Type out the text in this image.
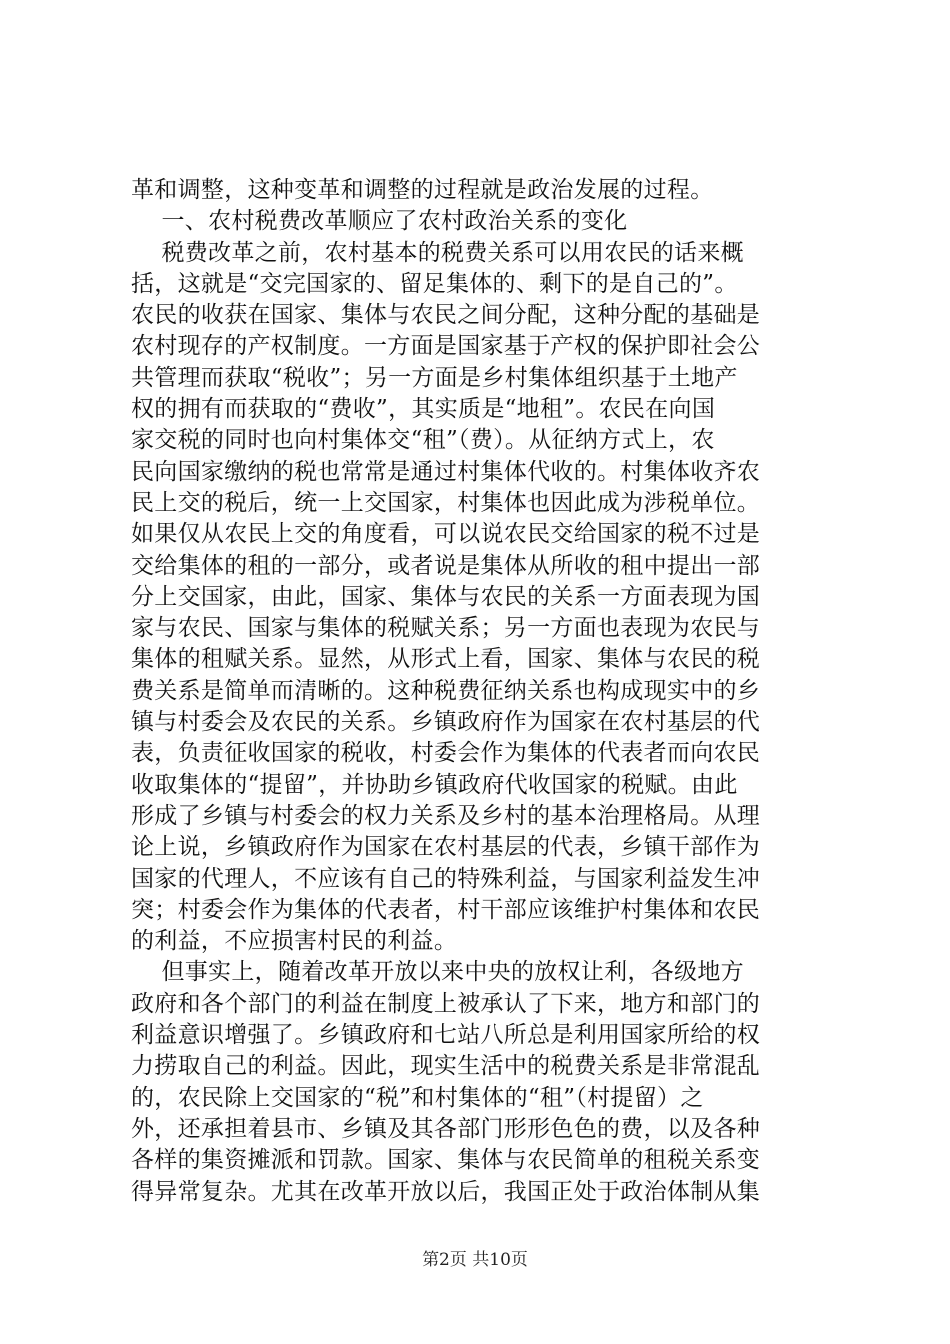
革和调整，这种变革和调整的过程就是政治发展的过程。
一、农村税费改革顺应了农村政治关系的变化
税费改革之前，农村基本的税费关系可以用农民的话来概
括，这就是“交完国家的、留足集体的、剩下的是自己的”。
农民的收获在国家、集体与农民之间分配，这种分配的基础是
农村现存的产权制度。一方面是国家基于产权的保护即社会公
共管理而获取“税收”；另一方面是乡村集体组织基于土地产
权的拥有而获取的“费收”，其实质是“地租”。农民在向国
家交税的同时也向村集体交“租”（费）。从征纳方式上，农
民向国家缴纳的税也常常是通过村集体代收的。村集体收齐农
民上交的税后，统一上交国家，村集体也因此成为涉税单位。
如果仅从农民上交的角度看，可以说农民交给国家的税不过是
交给集体的租的一部分，或者说是集体从所收的租中提出一部
分上交国家，由此，国家、集体与农民的关系一方面表现为国
家与农民、国家与集体的税赋关系；另一方面也表现为农民与
集体的租赋关系。显然，从形式上看，国家、集体与农民的税
费关系是简单而清晰的。这种税费征纳关系也构成现实中的乡
镇与村委会及农民的关系。乡镇政府作为国家在农村基层的代
表，负责征收国家的税收，村委会作为集体的代表者而向农民
收取集体的“提留”，并协助乡镇政府代收国家的税赋。由此
形成了乡镇与村委会的权力关系及乡村的基本治理格局。从理
论上说，乡镇政府作为国家在农村基层的代表，乡镇干部作为
国家的代理人，不应该有自己的特殊利益，与国家利益发生冲
突；村委会作为集体的代表者，村干部应该维护村集体和农民
的利益，不应损害村民的利益。
但事实上，随着改革开放以来中央的放权让利，各级地方
政府和各个部门的利益在制度上被承认了下来，地方和部门的
利益意识增强了。乡镇政府和七站八所总是利用国家所给的权
力捞取自己的利益。因此，现实生活中的税费关系是非常混乱
的，农民除上交国家的“税”和村集体的“租”（村提留）之
外，还承担着县市、乡镇及其各部门形形色色的费，以及各种
各样的集资摊派和罚款。国家、集体与农民简单的租税关系变
得异常复杂。尤其在改革开放以后，我国正处于政治体制从集
第2页 共10页
